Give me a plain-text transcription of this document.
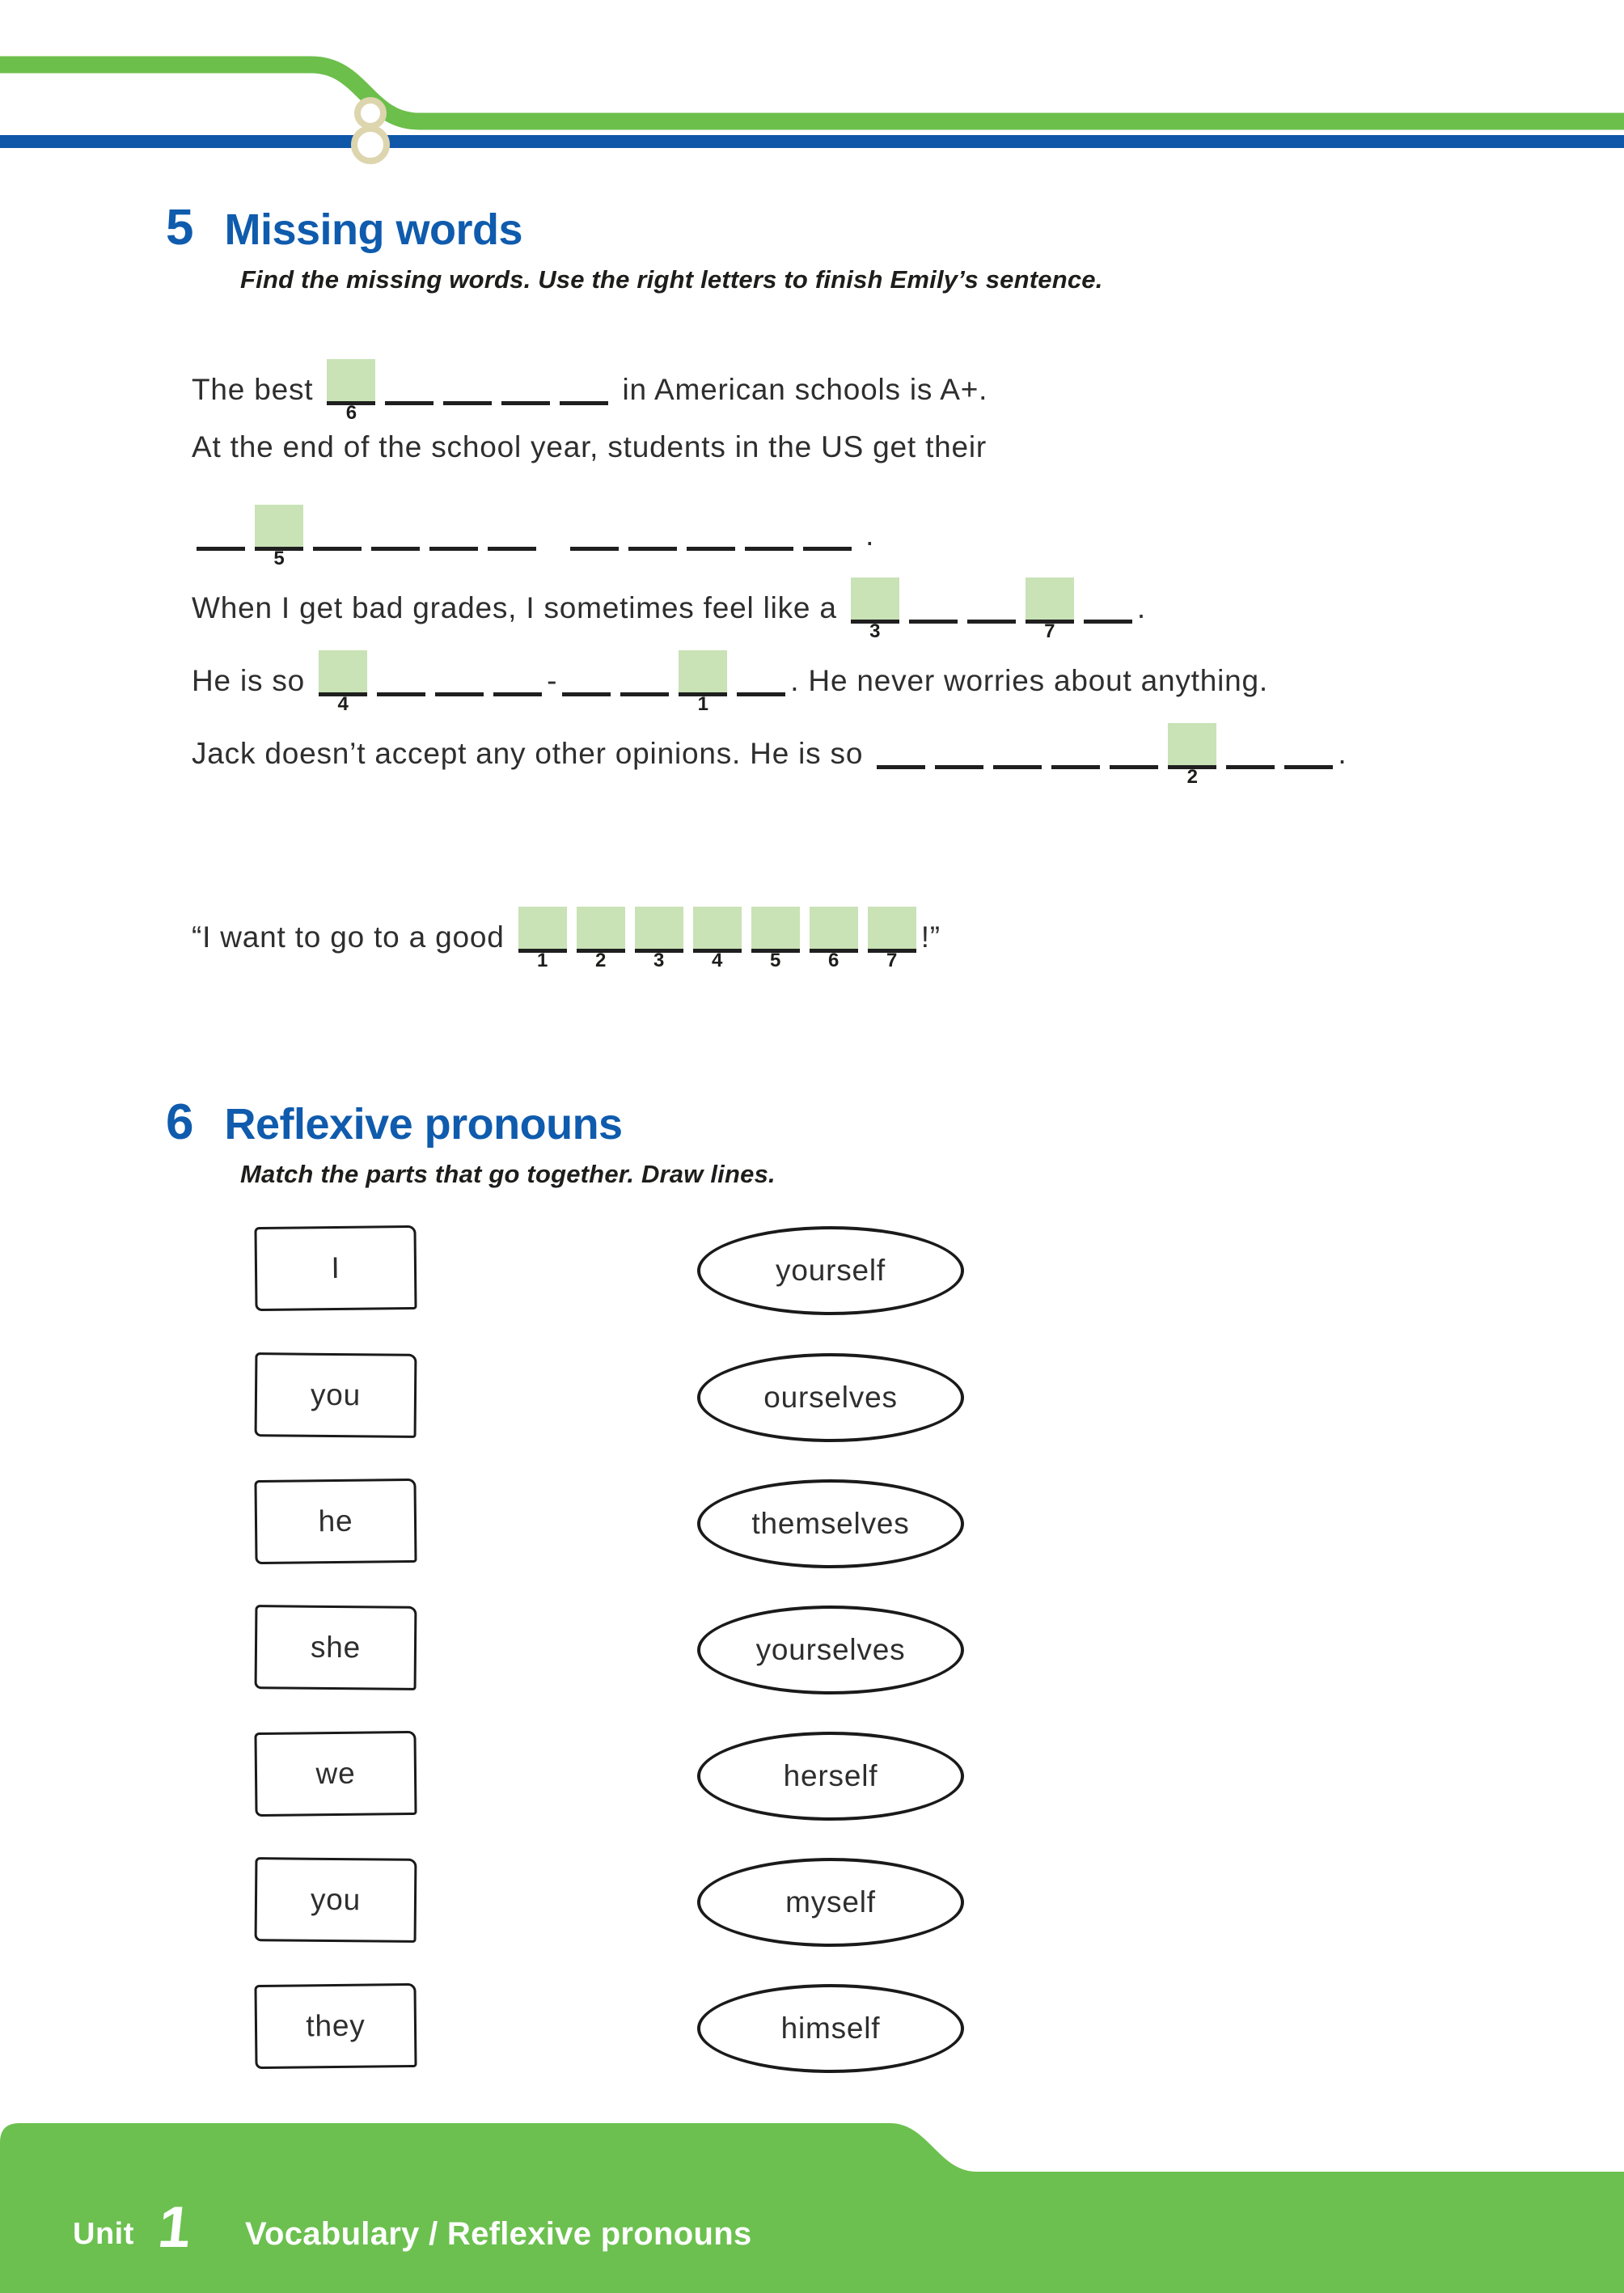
5 Missing words

Find the missing words. Use the right letters to finish Emily’s sentence.

The best
6
in American schools is A+.
At the end of the school year, students in the US get their
5
.
When I get bad grades, I sometimes feel like a
3	7
.
He is so
4
-
1
. He never worries about anything.
Jack doesn’t accept any other opinions. He is so
2
.
“I want to go to a good
1	2	3	4	5	6	7
!”
6 Reflexive pronouns

Match the parts that go together. Draw lines.

I	yourself
you	ourselves
he	themselves
she	yourselves
we	herself
you	myself
they	himself
Unit 1 Vocabulary / Reflexive pronouns
